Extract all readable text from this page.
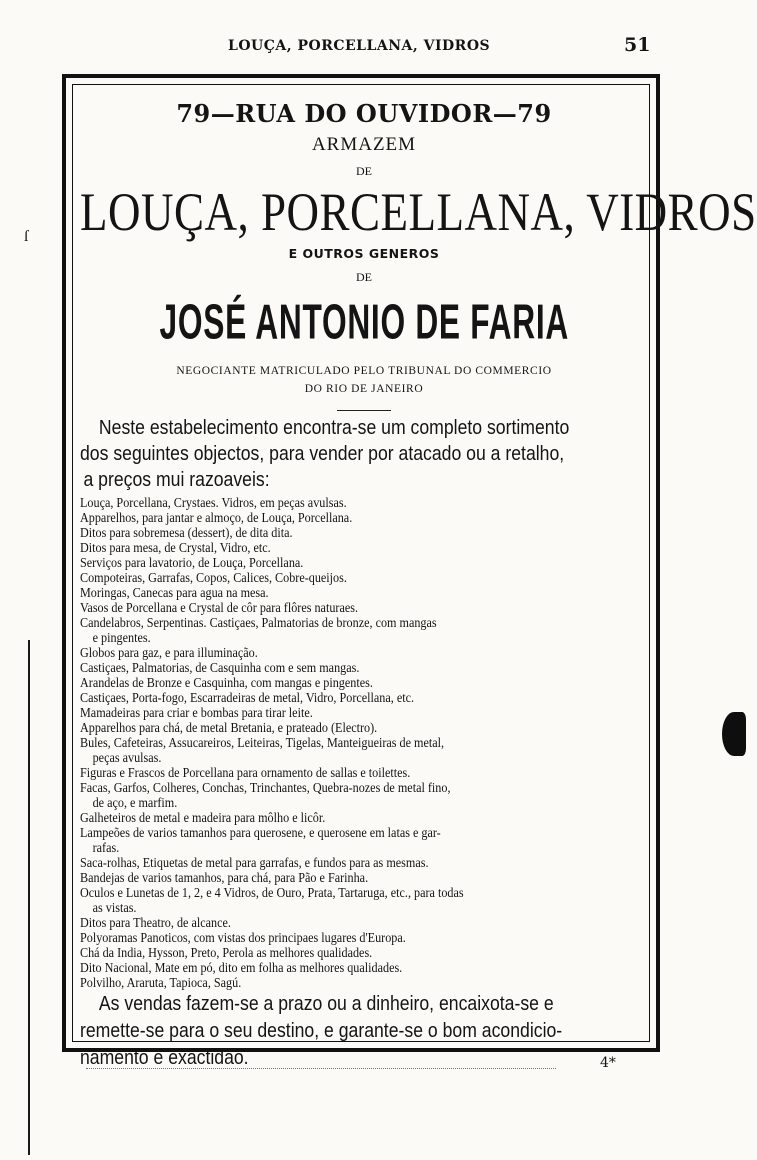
LOUÇA, PORCELLANA, VIDROS	51
ſ
79—RUA DO OUVIDOR—79
ARMAZEM
DE
LOUÇA, PORCELLANA, VIDROS
E OUTROS GENEROS
DE
JOSÉ ANTONIO DE FARIA
NEGOCIANTE MATRICULADO PELO TRIBUNAL DO COMMERCIO
DO RIO DE JANEIRO
Neste estabelecimento encontra-se um completo sortimento
dos seguintes objectos, para vender por atacado ou a retalho,
a preços mui razoaveis:
Louça, Porcellana, Crystaes. Vidros, em peças avulsas.
Apparelhos, para jantar e almoço, de Louça, Porcellana.
Ditos para sobremesa (dessert), de dita dita.
Ditos para mesa, de Crystal, Vidro, etc.
Serviços para lavatorio, de Louça, Porcellana.
Compoteiras, Garrafas, Copos, Calices, Cobre-queijos.
Moringas, Canecas para agua na mesa.
Vasos de Porcellana e Crystal de côr para flôres naturaes.
Candelabros, Serpentinas. Castiçaes, Palmatorias de bronze, com mangas
e pingentes.
Globos para gaz, e para illuminação.
Castiçaes, Palmatorias, de Casquinha com e sem mangas.
Arandelas de Bronze e Casquinha, com mangas e pingentes.
Castiçaes, Porta-fogo, Escarradeiras de metal, Vidro, Porcellana, etc.
Mamadeiras para criar e bombas para tirar leite.
Apparelhos para chá, de metal Bretania, e prateado (Electro).
Bules, Cafeteiras, Assucareiros, Leiteiras, Tigelas, Manteigueiras de metal,
peças avulsas.
Figuras e Frascos de Porcellana para ornamento de sallas e toilettes.
Facas, Garfos, Colheres, Conchas, Trinchantes, Quebra-nozes de metal fino,
de aço, e marfim.
Galheteiros de metal e madeira para môlho e licôr.
Lampeões de varios tamanhos para querosene, e querosene em latas e gar-
rafas.
Saca-rolhas, Etiquetas de metal para garrafas, e fundos para as mesmas.
Bandejas de varios tamanhos, para chá, para Pão e Farinha.
Oculos e Lunetas de 1, 2, e 4 Vidros, de Ouro, Prata, Tartaruga, etc., para todas
as vistas.
Ditos para Theatro, de alcance.
Polyoramas Panoticos, com vistas dos principaes lugares d'Europa.
Chá da India, Hysson, Preto, Perola as melhores qualidades.
Dito Nacional, Mate em pó, dito em folha as melhores qualidades.
Polvilho, Araruta, Tapioca, Sagú.
As vendas fazem-se a prazo ou a dinheiro, encaixota-se e
remette-se para o seu destino, e garante-se o bom acondicio-
namento e exactidão.	4*
